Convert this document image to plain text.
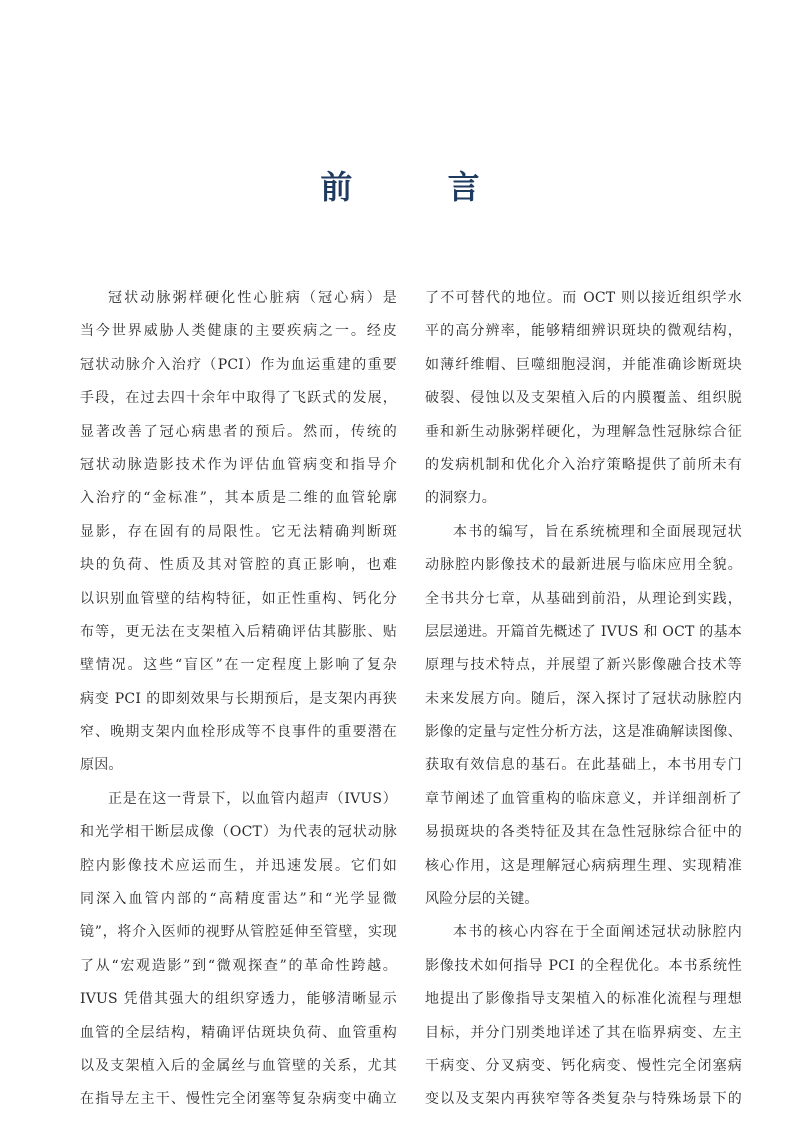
前 言
冠状动脉粥样硬化性心脏病（冠心病）是
当今世界威胁人类健康的主要疾病之一。经皮
冠状动脉介入治疗（PCI）作为血运重建的重要
手段，在过去四十余年中取得了飞跃式的发展，
显著改善了冠心病患者的预后。然而，传统的
冠状动脉造影技术作为评估血管病变和指导介
入治疗的“金标准”，其本质是二维的血管轮廓
显影，存在固有的局限性。它无法精确判断斑
块的负荷、性质及其对管腔的真正影响，也难
以识别血管壁的结构特征，如正性重构、钙化分
布等，更无法在支架植入后精确评估其膨胀、贴
壁情况。这些“盲区”在一定程度上影响了复杂
病变 PCI 的即刻效果与长期预后，是支架内再狭
窄、晚期支架内血栓形成等不良事件的重要潜在
原因。
正是在这一背景下，以血管内超声（IVUS）
和光学相干断层成像（OCT）为代表的冠状动脉
腔内影像技术应运而生，并迅速发展。它们如
同深入血管内部的“高精度雷达”和“光学显微
镜”，将介入医师的视野从管腔延伸至管壁，实现
了从“宏观造影”到“微观探查”的革命性跨越。
IVUS 凭借其强大的组织穿透力，能够清晰显示
血管的全层结构，精确评估斑块负荷、血管重构
以及支架植入后的金属丝与血管壁的关系，尤其
在指导左主干、慢性完全闭塞等复杂病变中确立
了不可替代的地位。而 OCT 则以接近组织学水
平的高分辨率，能够精细辨识斑块的微观结构，
如薄纤维帽、巨噬细胞浸润，并能准确诊断斑块
破裂、侵蚀以及支架植入后的内膜覆盖、组织脱
垂和新生动脉粥样硬化，为理解急性冠脉综合征
的发病机制和优化介入治疗策略提供了前所未有
的洞察力。
本书的编写，旨在系统梳理和全面展现冠状
动脉腔内影像技术的最新进展与临床应用全貌。
全书共分七章，从基础到前沿，从理论到实践，
层层递进。开篇首先概述了 IVUS 和 OCT 的基本
原理与技术特点，并展望了新兴影像融合技术等
未来发展方向。随后，深入探讨了冠状动脉腔内
影像的定量与定性分析方法，这是准确解读图像、
获取有效信息的基石。在此基础上，本书用专门
章节阐述了血管重构的临床意义，并详细剖析了
易损斑块的各类特征及其在急性冠脉综合征中的
核心作用，这是理解冠心病病理生理、实现精准
风险分层的关键。
本书的核心内容在于全面阐述冠状动脉腔内
影像技术如何指导 PCI 的全程优化。本书系统性
地提出了影像指导支架植入的标准化流程与理想
目标，并分门别类地详述了其在临界病变、左主
干病变、分叉病变、钙化病变、慢性完全闭塞病
变以及支架内再狭窄等各类复杂与特殊场景下的
